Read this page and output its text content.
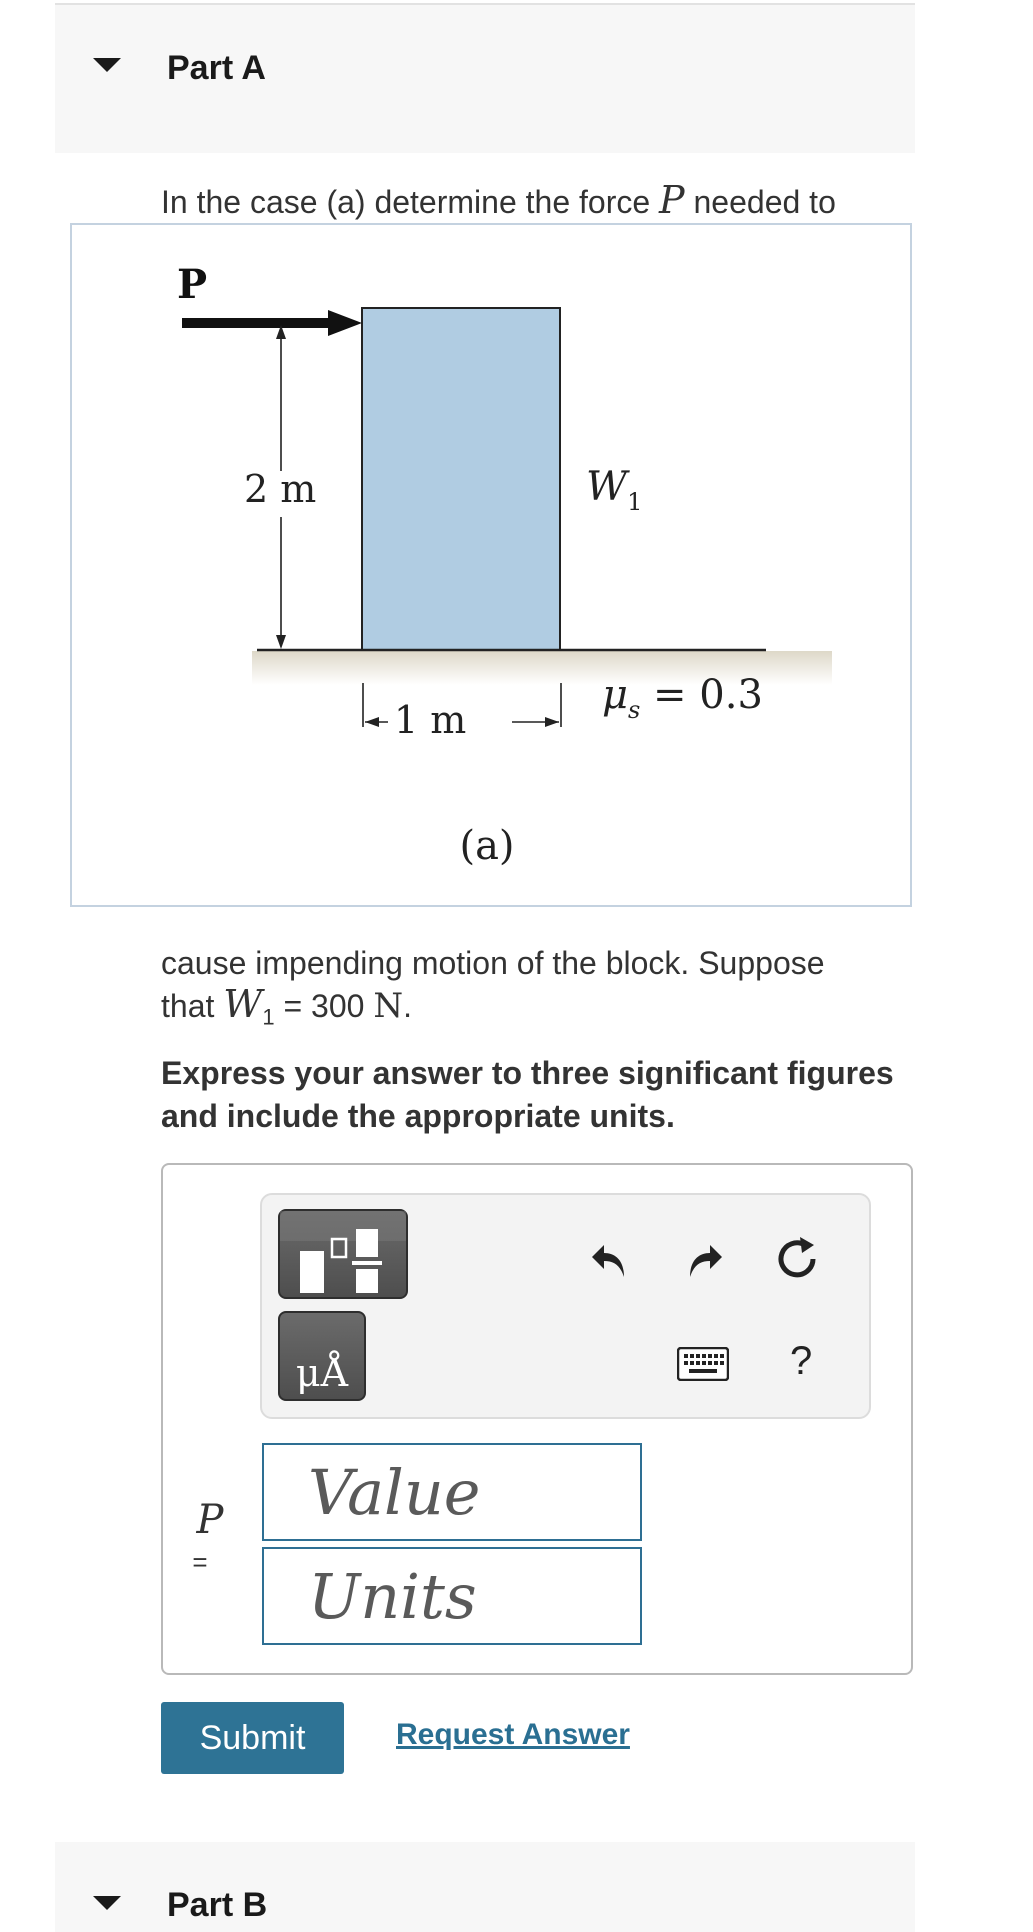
Part A
In the case (a) determine the force P needed to
P
2 m	$W_1$
1 m
$\mu_s = 0.3$
(a)
cause impending motion of the block. Suppose
that $W_1 = 300$ N.
Express your answer to three significant figures and include the appropriate units.
μÅ	?
P
=
Value
Units
Submit	Request Answer
Part B
